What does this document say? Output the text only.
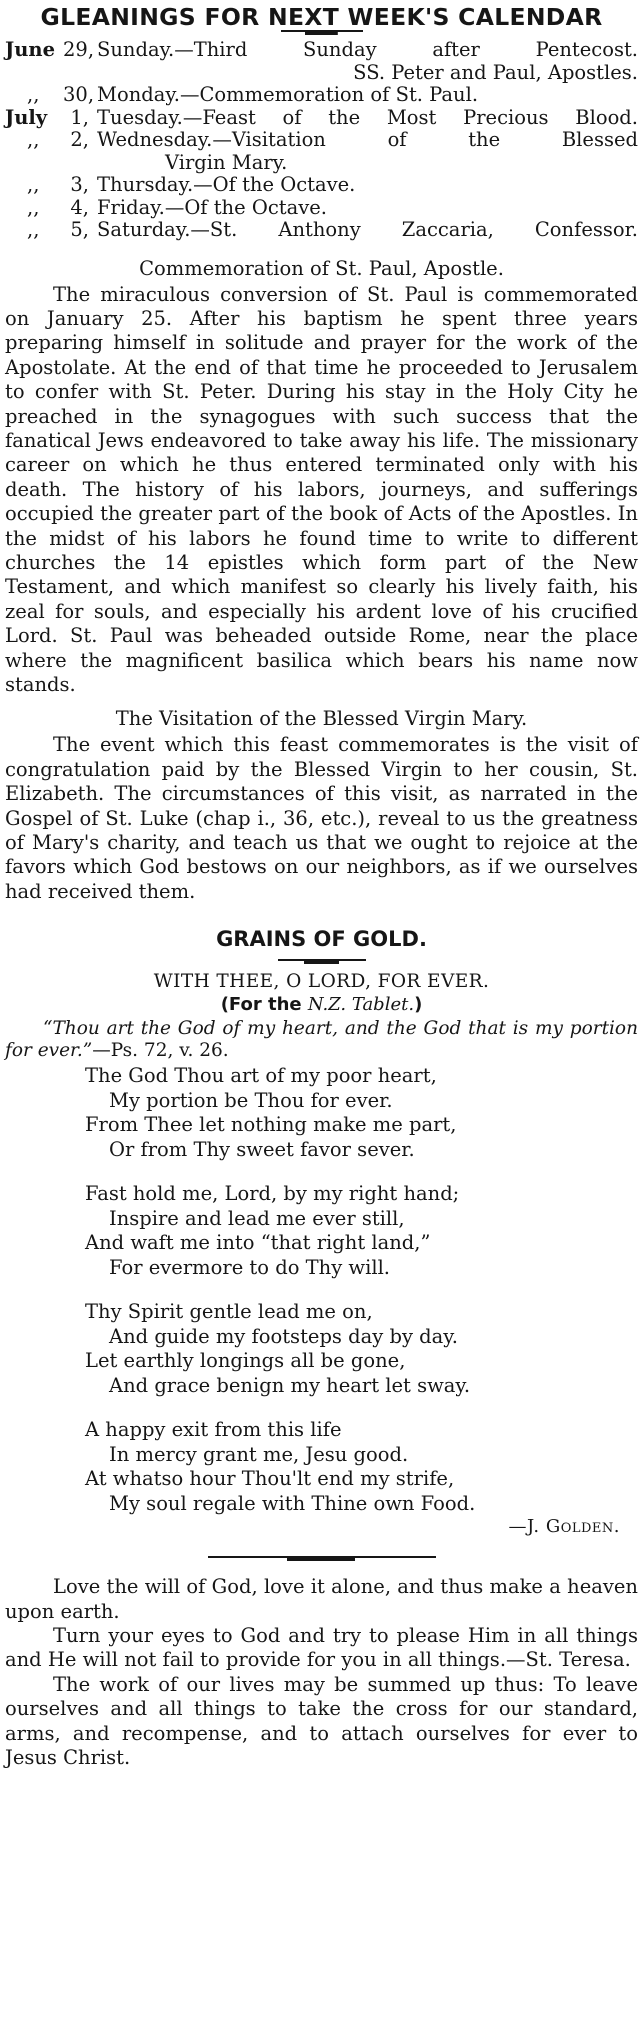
GLEANINGS FOR NEXT WEEK'S CALENDAR
June 29, Sunday.—Third Sunday after Pentecost.
SS. Peter and Paul, Apostles.
,,	30, Monday.—Commemoration of St. Paul.
July	1, Tuesday.—Feast of the Most Precious Blood.
,,	2, Wednesday.—Visitation of the Blessed
Virgin Mary.
,,	3, Thursday.—Of the Octave.
,,	4, Friday.—Of the Octave.
,,	5, Saturday.—St. Anthony Zaccaria, Confessor.
Commemoration of St. Paul, Apostle.

The miraculous conversion of St. Paul is commemorated on January 25. After his baptism he spent three years preparing himself in solitude and prayer for the work of the Apostolate. At the end of that time he proceeded to Jerusalem to confer with St. Peter. During his stay in the Holy City he preached in the synagogues with such success that the fanatical Jews endeavored to take away his life. The missionary career on which he thus entered terminated only with his death. The history of his labors, journeys, and sufferings occupied the greater part of the book of Acts of the Apostles. In the midst of his labors he found time to write to different churches the 14 epistles which form part of the New Testament, and which manifest so clearly his lively faith, his zeal for souls, and especially his ardent love of his crucified Lord. St. Paul was beheaded outside Rome, near the place where the magnificent basilica which bears his name now stands.

The Visitation of the Blessed Virgin Mary.

The event which this feast commemorates is the visit of congratulation paid by the Blessed Virgin to her cousin, St. Elizabeth. The circumstances of this visit, as narrated in the Gospel of St. Luke (chap i., 36, etc.), reveal to us the greatness of Mary's charity, and teach us that we ought to rejoice at the favors which God bestows on our neighbors, as if we ourselves had received them.

GRAINS OF GOLD.
WITH THEE, O LORD, FOR EVER.
(For the N.Z. Tablet.)

“Thou art the God of my heart, and the God that is my portion for ever.”—Ps. 72, v. 26.

The God Thou art of my poor heart,
My portion be Thou for ever.
From Thee let nothing make me part,
Or from Thy sweet favor sever.
Fast hold me, Lord, by my right hand;
Inspire and lead me ever still,
And waft me into “that right land,”
For evermore to do Thy will.
Thy Spirit gentle lead me on,
And guide my footsteps day by day.
Let earthly longings all be gone,
And grace benign my heart let sway.
A happy exit from this life
In mercy grant me, Jesu good.
At whatso hour Thou'lt end my strife,
My soul regale with Thine own Food.
—J. Golden.

Love the will of God, love it alone, and thus make a heaven upon earth.

Turn your eyes to God and try to please Him in all things and He will not fail to provide for you in all things.—St. Teresa.

The work of our lives may be summed up thus: To leave ourselves and all things to take the cross for our standard, arms, and recompense, and to attach ourselves for ever to Jesus Christ.
